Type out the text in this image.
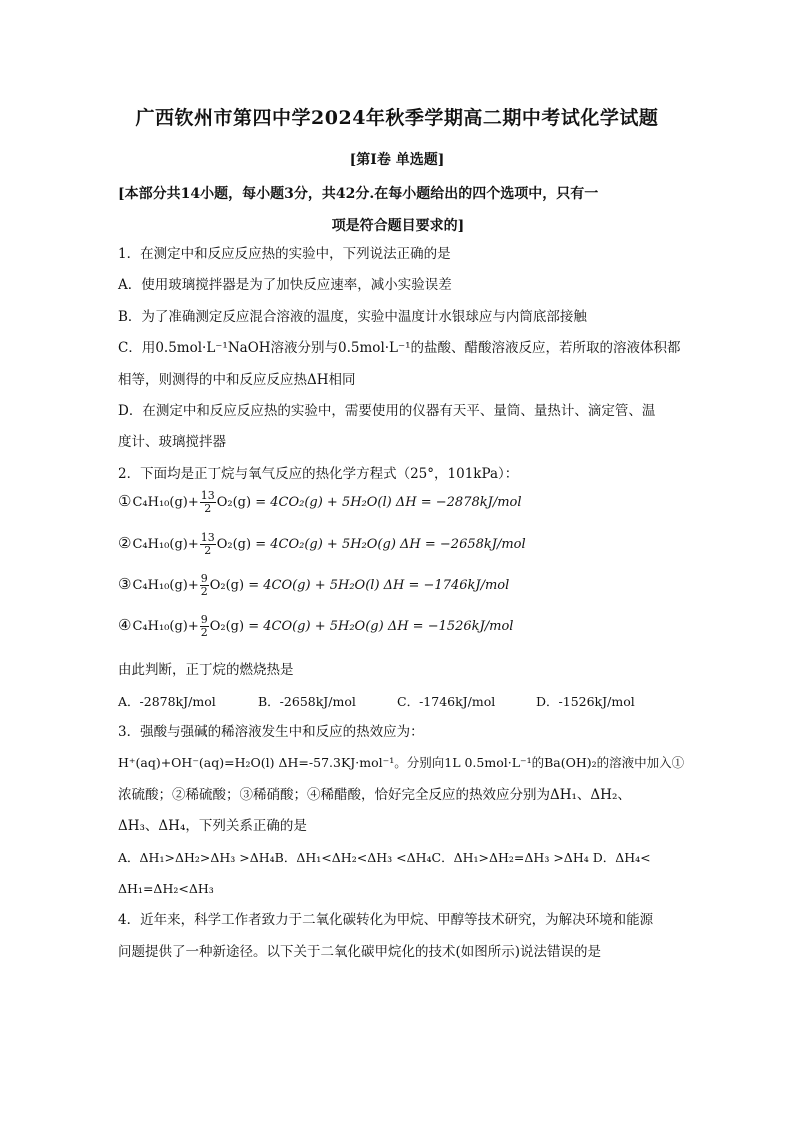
广西钦州市第四中学2024年秋季学期高二期中考试化学试题
[第Ⅰ卷 单选题]
[本部分共14小题，每小题3分，共42分.在每小题给出的四个选项中，只有一
项是符合题目要求的]
1．在测定中和反应反应热的实验中，下列说法正确的是
A．使用玻璃搅拌器是为了加快反应速率，减小实验误差
B．为了准确测定反应混合溶液的温度，实验中温度计水银球应与内筒底部接触
C．用0.5mol·L⁻¹NaOH溶液分别与0.5mol·L⁻¹的盐酸、醋酸溶液反应，若所取的溶液体积都
相等，则测得的中和反应反应热ΔH相同
D．在测定中和反应反应热的实验中，需要使用的仪器有天平、量筒、量热计、滴定管、温
度计、玻璃搅拌器
2．下面均是正丁烷与氧气反应的热化学方程式（25°，101kPa）：
①C₄H₁₀(g)+ $\frac{13}{2} O_2(g) = 4CO_2(g) + 5H_2O(l) \Delta H = -2878kJ/mol$
②C₄H₁₀(g)+ $\frac{13}{2} O_2(g) = 4CO_2(g) + 5H_2O(g) \Delta H = -2658kJ/mol$
③C₄H₁₀(g)+ $\frac{9}{2} O_2(g) = 4CO(g) + 5H_2O(l) \Delta H = -1746kJ/mol$
④C₄H₁₀(g)+ $\frac{9}{2} O_2(g) = 4CO(g) + 5H_2O(g) \Delta H = -1526kJ/mol$
由此判断，正丁烷的燃烧热是
A．-2878kJ/mol	B．-2658kJ/mol	C．-1746kJ/mol	D．-1526kJ/mol
3．强酸与强碱的稀溶液发生中和反应的热效应为：
H⁺(aq)+OH⁻(aq)=H₂O(l) ΔH=-57.3KJ·mol⁻¹。分别向1L 0.5mol·L⁻¹的Ba(OH)₂的溶液中加入①
浓硫酸；②稀硫酸；③稀硝酸；④稀醋酸，恰好完全反应的热效应分别为ΔH₁、ΔH₂、
ΔH₃、ΔH₄，下列关系正确的是
A．ΔH₁>ΔH₂>ΔH₃ >ΔH₄B．ΔH₁<ΔH₂<ΔH₃ <ΔH₄C．ΔH₁>ΔH₂=ΔH₃ >ΔH₄ D．ΔH₄<
ΔH₁=ΔH₂<ΔH₃
4．近年来，科学工作者致力于二氧化碳转化为甲烷、甲醇等技术研究，为解决环境和能源
问题提供了一种新途径。以下关于二氧化碳甲烷化的技术(如图所示)说法错误的是
